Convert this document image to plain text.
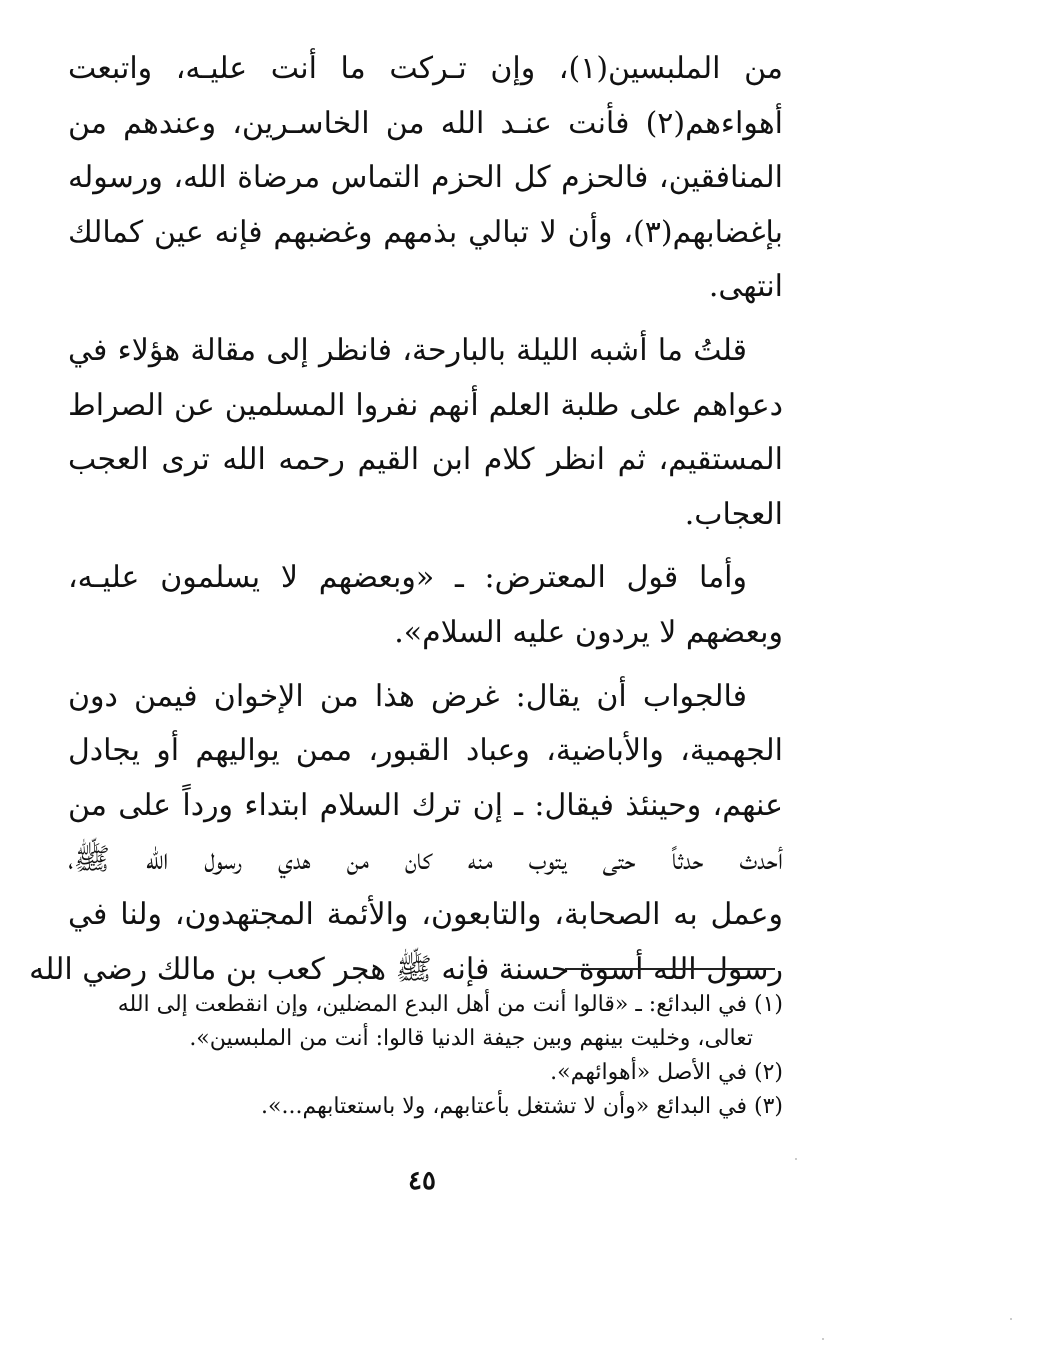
من الملبسين(١)، وإن تـركت ما أنت عليـه، واتبعت
أهواءهم(٢) فأنت عنـد الله من الخاسـرين، وعندهم من
المنافقين، فالحزم كل الحزم التماس مرضاة الله، ورسوله
بإغضابهم(٣)، وأن لا تبالي بذمهم وغضبهم فإنه عين كمالك
انتهى.
قلتُ ما أشبه الليلة بالبارحة، فانظر إلى مقالة هؤلاء في
دعواهم على طلبة العلم أنهم نفروا المسلمين عن الصراط
المستقيم، ثم انظر كلام ابن القيم رحمه الله ترى العجب
العجاب.
وأما قول المعترض: ـ «وبعضهم لا يسلمون عليـه،
وبعضهم لا يردون عليه السلام».
فالجواب أن يقال: غرض هذا من الإخوان فيمن دون
الجهمية، والأباضية، وعباد القبور، ممن يواليهم أو يجادل
عنهم، وحينئذ فيقال: ـ إن ترك السلام ابتداء ورداً على من
أحدث حدثاً حتى يتوب منه كان من هدي رسول الله ﷺ،
وعمل به الصحابة، والتابعون، والأئمة المجتهدون، ولنا في
رسول الله أسوة حسنة فإنه ﷺ هجر كعب بن مالك رضي الله
(١) في البدائع: ـ «قالوا أنت من أهل البدع المضلين، وإن انقطعت إلى الله
تعالى، وخليت بينهم وبين جيفة الدنيا قالوا: أنت من الملبسين».
(٢) في الأصل «أهوائهم».
(٣) في البدائع «وأن لا تشتغل بأعتابهم، ولا باستعتابهم...».
٤٥
